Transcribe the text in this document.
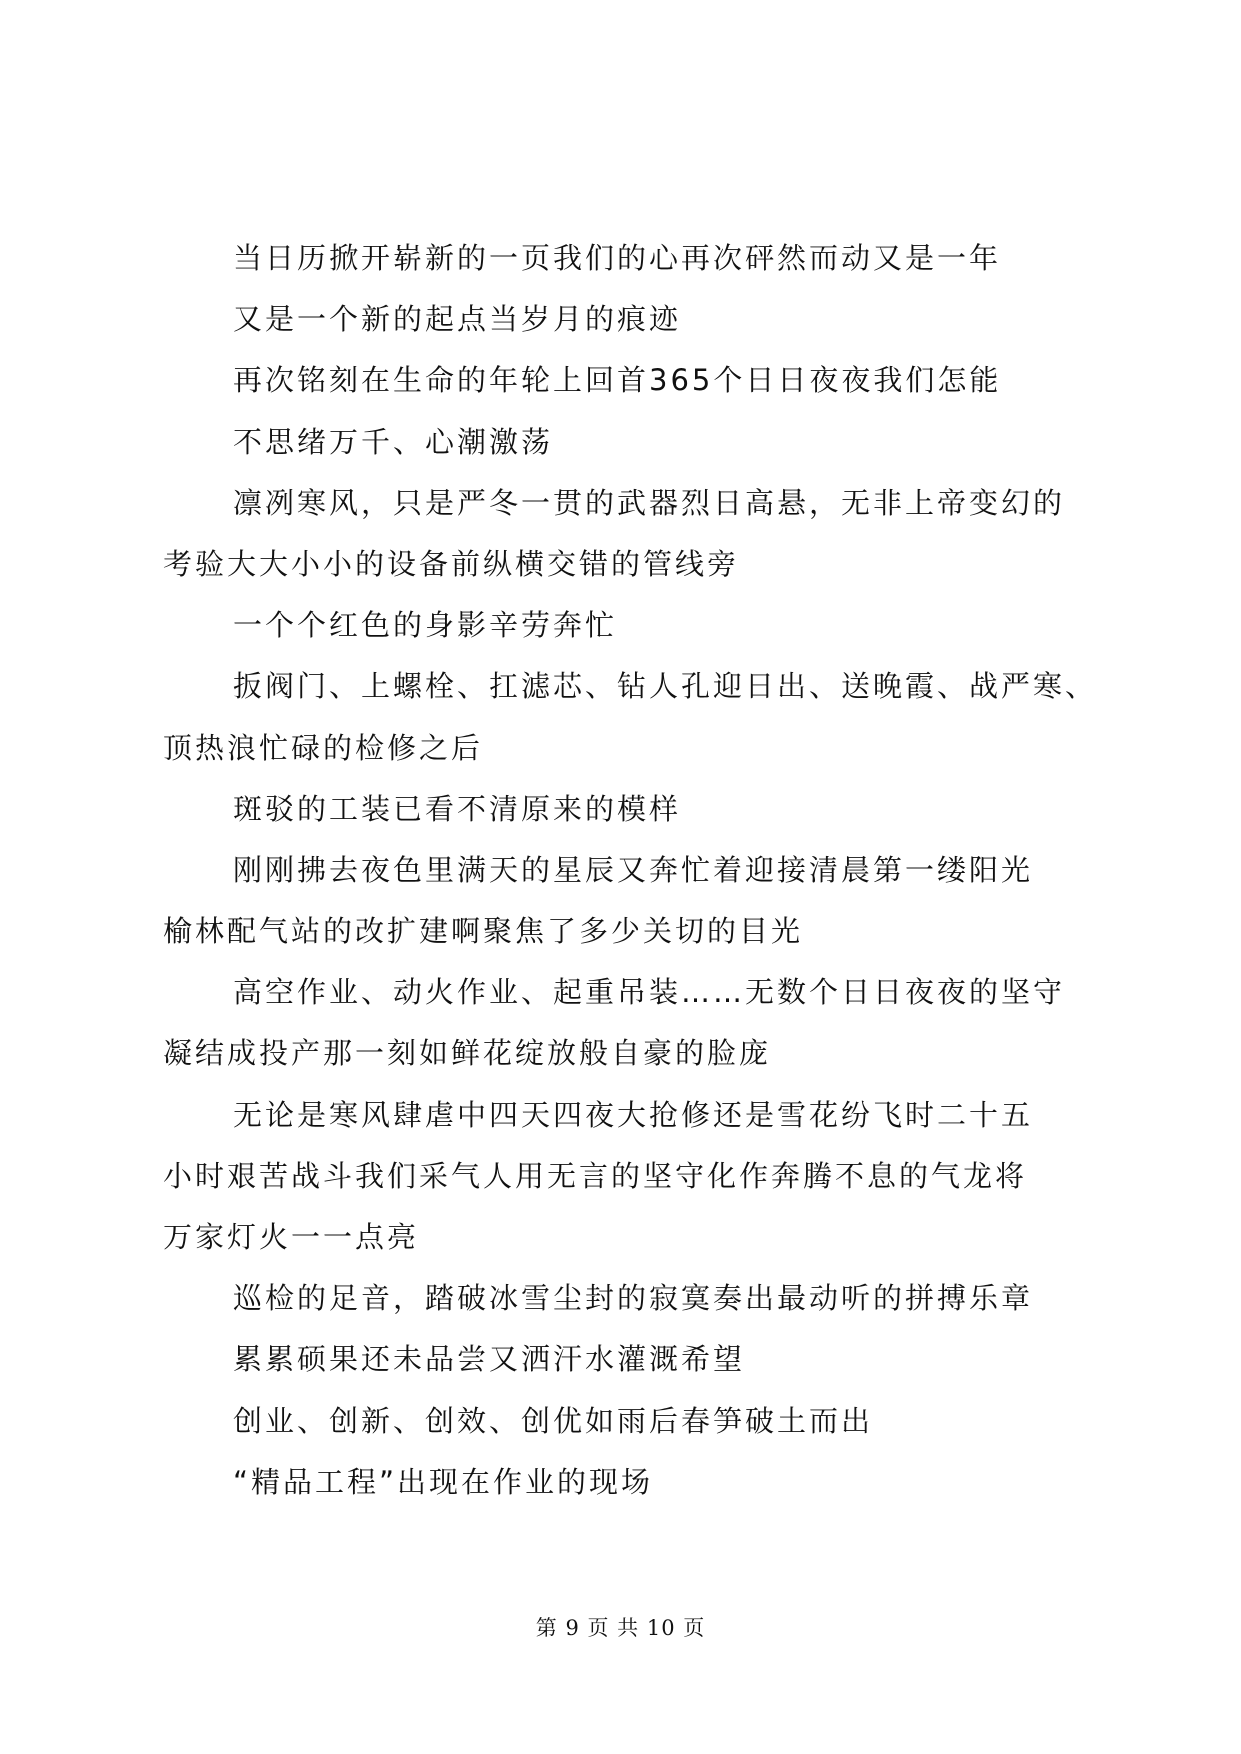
当日历掀开崭新的一页我们的心再次砰然而动又是一年
又是一个新的起点当岁月的痕迹
再次铭刻在生命的年轮上回首365个日日夜夜我们怎能
不思绪万千、心潮激荡
凛冽寒风，只是严冬一贯的武器烈日高悬，无非上帝变幻的
考验大大小小的设备前纵横交错的管线旁
一个个红色的身影辛劳奔忙
扳阀门、上螺栓、扛滤芯、钻人孔迎日出、送晚霞、战严寒、
顶热浪忙碌的检修之后
斑驳的工装已看不清原来的模样
刚刚拂去夜色里满天的星辰又奔忙着迎接清晨第一缕阳光
榆林配气站的改扩建啊聚焦了多少关切的目光
高空作业、动火作业、起重吊装……无数个日日夜夜的坚守
凝结成投产那一刻如鲜花绽放般自豪的脸庞
无论是寒风肆虐中四天四夜大抢修还是雪花纷飞时二十五
小时艰苦战斗我们采气人用无言的坚守化作奔腾不息的气龙将
万家灯火一一点亮
巡检的足音，踏破冰雪尘封的寂寞奏出最动听的拼搏乐章
累累硕果还未品尝又洒汗水灌溉希望
创业、创新、创效、创优如雨后春笋破土而出
“精品工程”出现在作业的现场
第 9 页 共 10 页
